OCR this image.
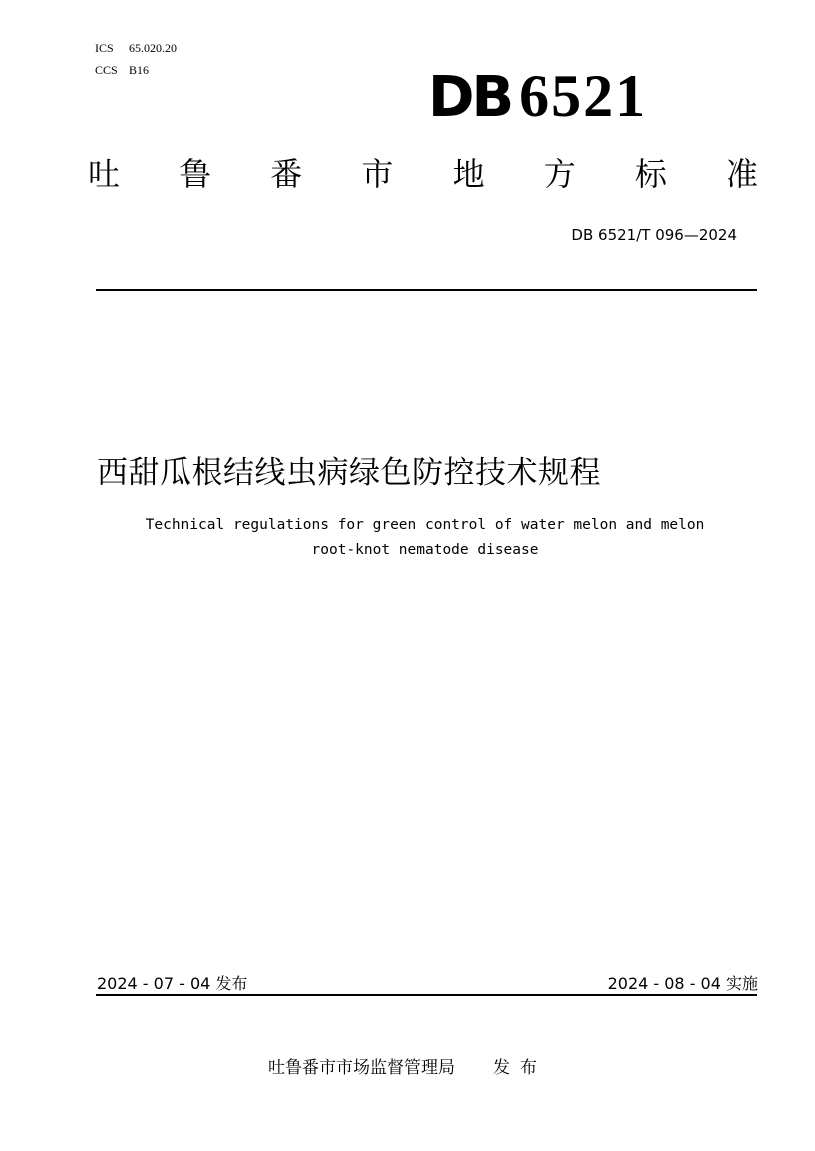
ICS 65.020.20
CCS B16	DB 6521
吐 鲁 番 市 地 方 标 准
DB 6521/T 096—2024
西甜瓜根结线虫病绿色防控技术规程
Technical regulations for green control of water melon and melon
root-knot nematode disease
2024 - 07 - 04 发布	2024 - 08 - 04 实施
吐鲁番市市场监督管理局 发布
